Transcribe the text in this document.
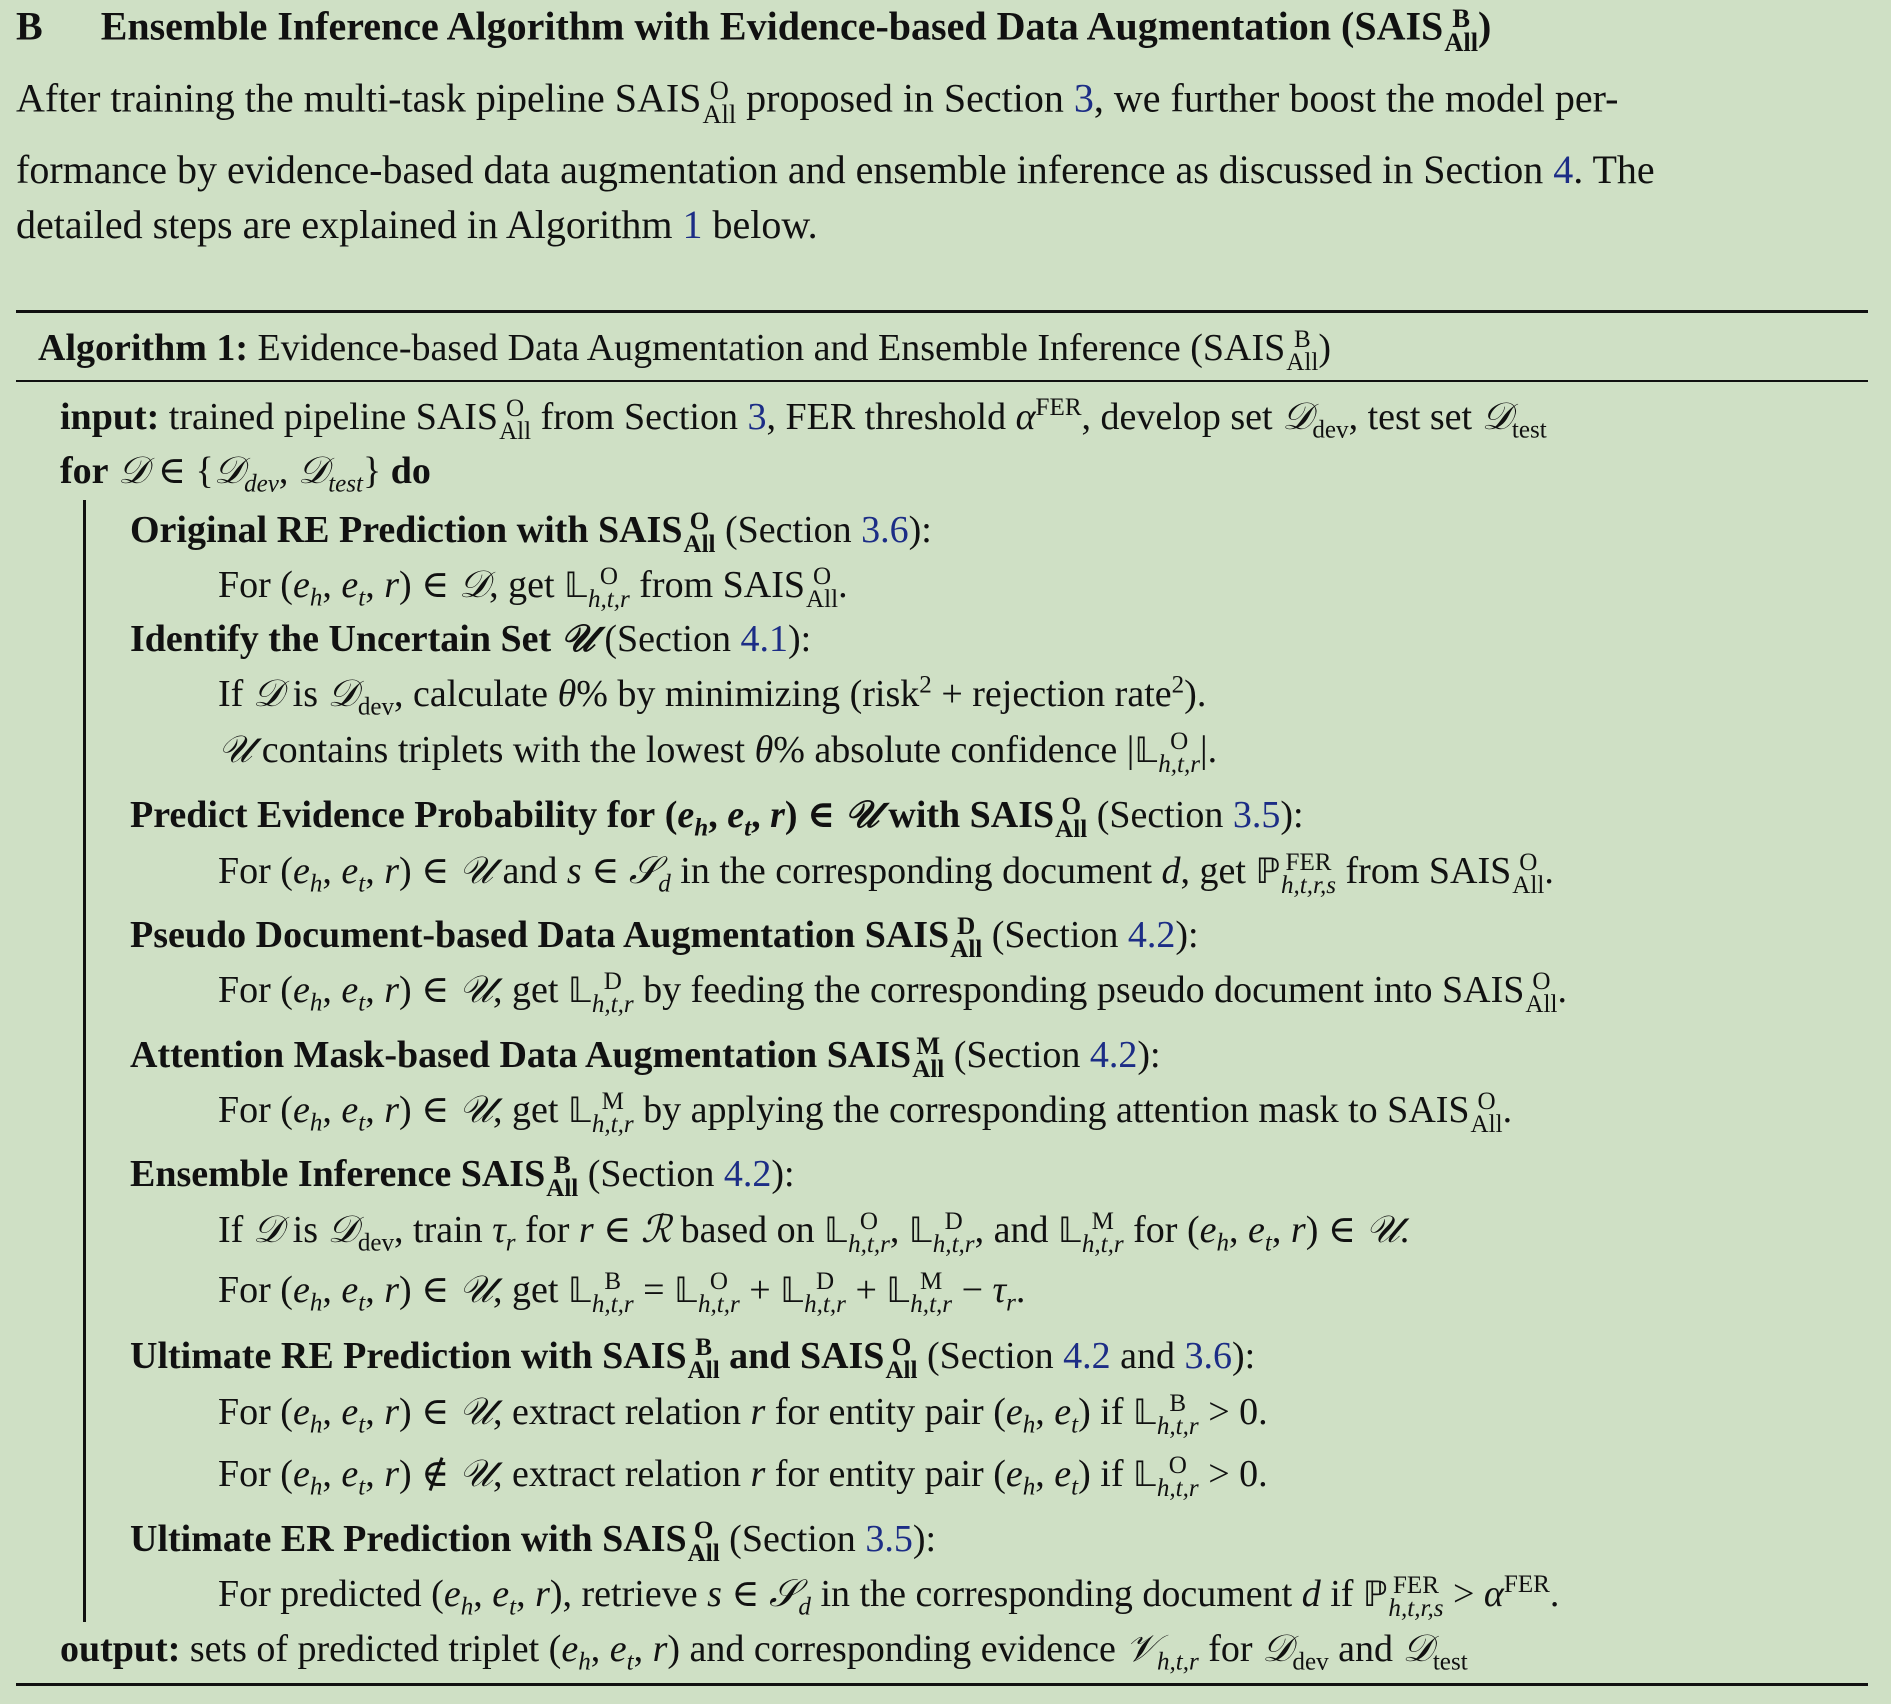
B Ensemble Inference Algorithm with Evidence-based Data Augmentation (SAIS B
All )
After training the multi-task pipeline SAIS O
All proposed in Section 3, we further boost the model per-
formance by evidence-based data augmentation and ensemble inference as discussed in Section 4. The
detailed steps are explained in Algorithm 1 below.
Algorithm 1: Evidence-based Data Augmentation and Ensemble Inference (SAIS B
All )
input: trained pipeline SAIS O
All from Section 3, FER threshold $\alpha^{FER}$, develop set 𝒟$_{dev}$, test set 𝒟$_{test}$
for 𝒟 ∈ {𝒟$_{dev}$, 𝒟$_{test}$} do
Original RE Prediction with SAIS O
All (Section 3.6):
For ($e_h$, $e_t$, r) ∈ 𝒟, get 𝕃 O
h,t,r from SAIS O
All .
Identify the Uncertain Set 𝒰 (Section 4.1):
If 𝒟 is 𝒟$_{dev}$, calculate θ% by minimizing (risk$^2$ + rejection rate$^2$).
𝒰 contains triplets with the lowest θ% absolute confidence |𝕃 O
h,t,r |.
Predict Evidence Probability for ($e_h$, $e_t$, r) ∈ 𝒰 with SAIS O
All (Section 3.5):
For ($e_h$, $e_t$, r) ∈ 𝒰 and s ∈ 𝒮$_d$ in the corresponding document d, get ℙ FER
h,t,r,s from SAIS O
All .
Pseudo Document-based Data Augmentation SAIS D
All (Section 4.2):
For ($e_h$, $e_t$, r) ∈ 𝒰, get 𝕃 D
h,t,r by feeding the corresponding pseudo document into SAIS O
All .
Attention Mask-based Data Augmentation SAIS M
All (Section 4.2):
For ($e_h$, $e_t$, r) ∈ 𝒰, get 𝕃 M
h,t,r by applying the corresponding attention mask to SAIS O
All .
Ensemble Inference SAIS B
All (Section 4.2):
If 𝒟 is 𝒟$_{dev}$, train $\tau_r$ for r ∈ ℛ based on 𝕃 O
h,t,r , 𝕃 D
h,t,r , and 𝕃 M
h,t,r for ($e_h$, $e_t$, r) ∈ 𝒰.
For ($e_h$, $e_t$, r) ∈ 𝒰, get 𝕃 B
h,t,r = 𝕃 O
h,t,r + 𝕃 D
h,t,r + 𝕃 M
$h,t,r - \tau_r$.
Ultimate RE Prediction with SAIS B
All and SAIS O
All (Section 4.2 and 3.6):
For ($e_h$, $e_t$, r) ∈ 𝒰, extract relation r for entity pair ($e_h$, $e_t$) if 𝕃 B
h,t,r > 0.
For ($e_h$, $e_t$, r) ∉ 𝒰, extract relation r for entity pair ($e_h$, $e_t$) if 𝕃 O
h,t,r > 0.
Ultimate ER Prediction with SAIS O
All (Section 3.5):
For predicted ($e_h$, $e_t$, r), retrieve s ∈ 𝒮$_d$ in the corresponding document d if ℙ FER
$h,t,r,s > \alpha^{FER}$.
output: sets of predicted triplet ($e_h$, $e_t$, r) and corresponding evidence 𝒱$_{h,t,r}$ for 𝒟$_{dev}$ and 𝒟$_{test}$
